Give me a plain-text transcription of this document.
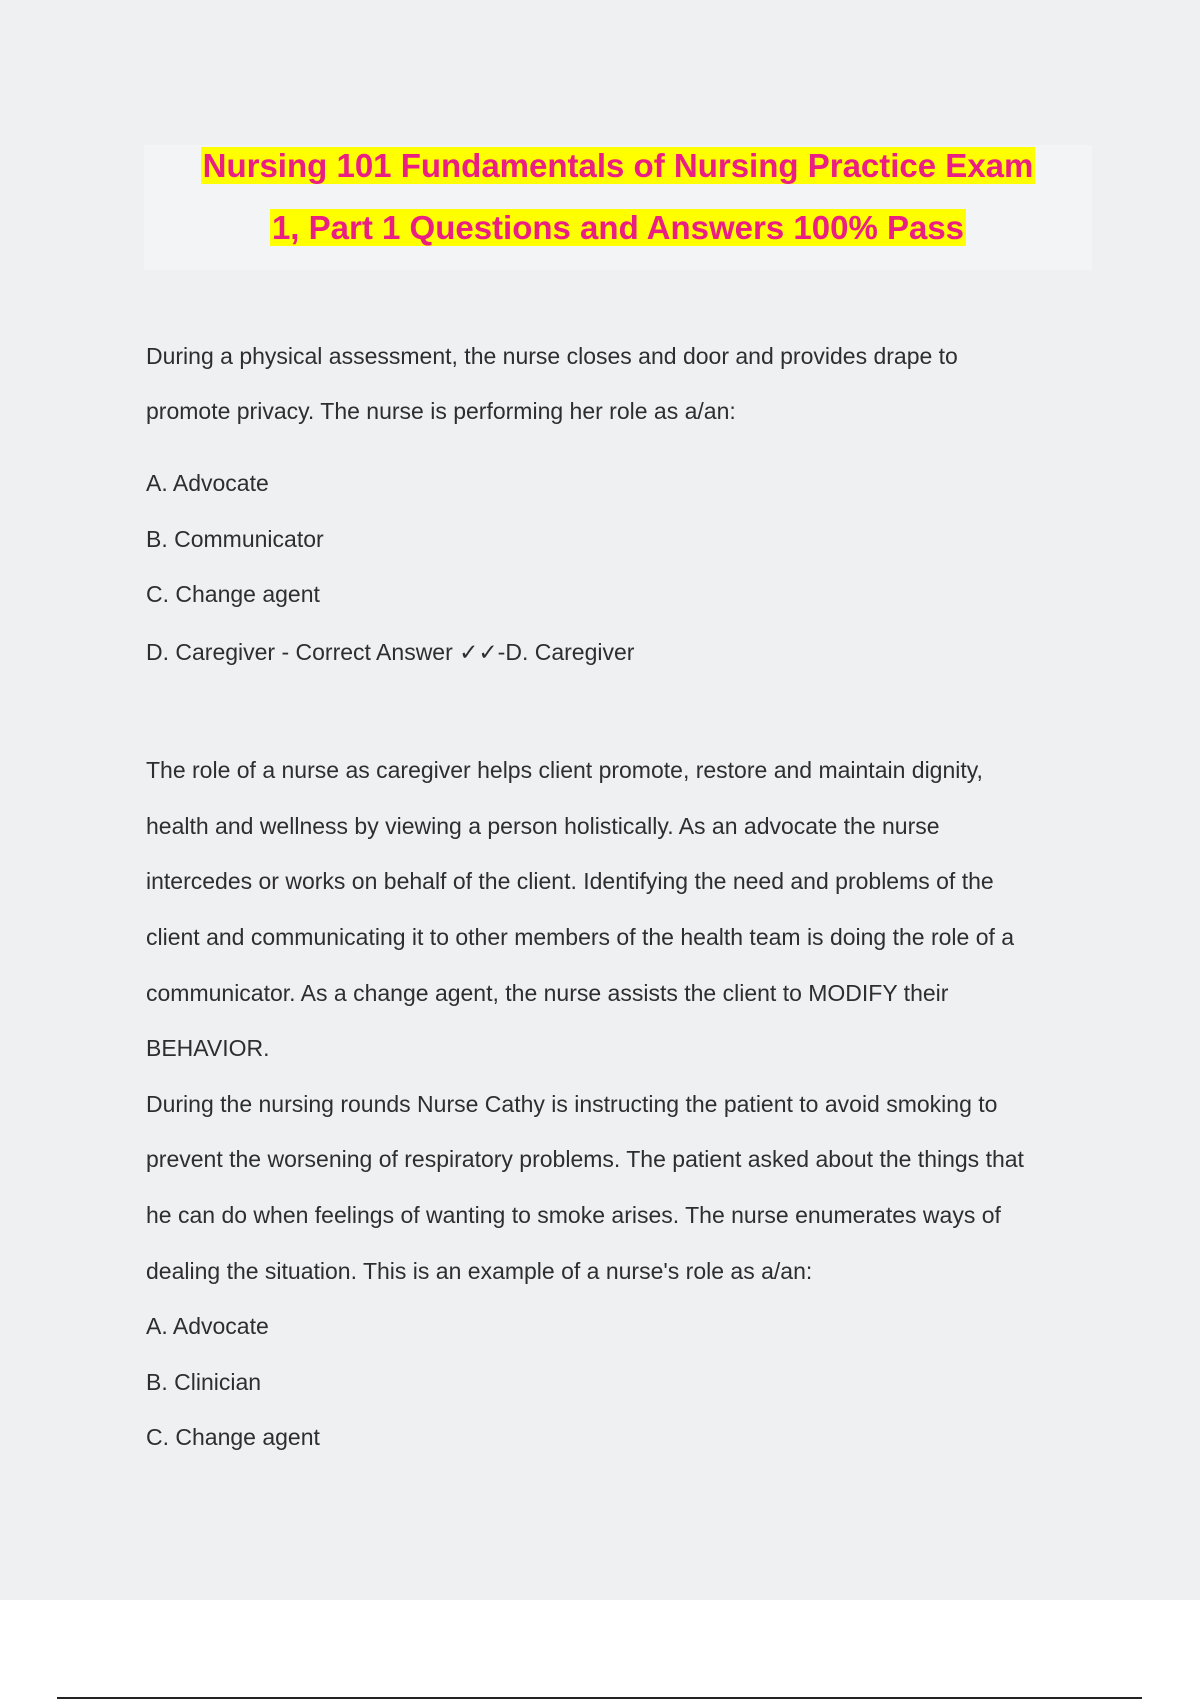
Nursing 101 Fundamentals of Nursing Practice Exam
1, Part 1 Questions and Answers 100% Pass
During a physical assessment, the nurse closes and door and provides drape to
promote privacy. The nurse is performing her role as a/an:
A. Advocate
B. Communicator
C. Change agent
D. Caregiver - Correct Answer ✓✓-D. Caregiver
The role of a nurse as caregiver helps client promote, restore and maintain dignity,
health and wellness by viewing a person holistically. As an advocate the nurse
intercedes or works on behalf of the client. Identifying the need and problems of the
client and communicating it to other members of the health team is doing the role of a
communicator. As a change agent, the nurse assists the client to MODIFY their
BEHAVIOR.
During the nursing rounds Nurse Cathy is instructing the patient to avoid smoking to
prevent the worsening of respiratory problems. The patient asked about the things that
he can do when feelings of wanting to smoke arises. The nurse enumerates ways of
dealing the situation. This is an example of a nurse's role as a/an:
A. Advocate
B. Clinician
C. Change agent
